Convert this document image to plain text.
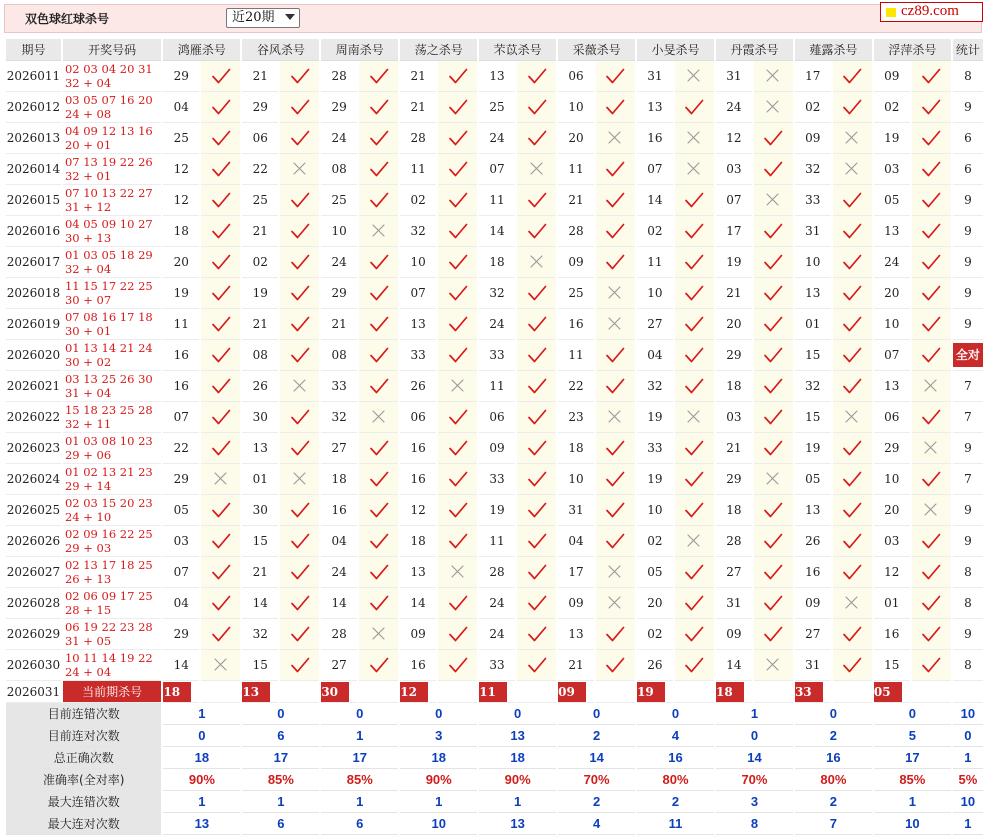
双色球红球杀号	近20期	cz89.com
期号	开奖号码	鸿雁杀号		谷风杀号		周南杀号		荡之杀号		芣苡杀号		采薇杀号		小旻杀号		丹霞杀号		薤露杀号		浮萍杀号		统计
2026011	02 03 04 20 31 32 + 04	29		21		28		21		13		06		31		31		17		09		8
2026012	03 05 07 16 20 24 + 08	04		29		29		21		25		10		13		24		02		02		9
2026013	04 09 12 13 16 20 + 01	25		06		24		28		24		20		16		12		09		19		6
2026014	07 13 19 22 26 32 + 01	12		22		08		11		07		11		07		03		32		03		6
2026015	07 10 13 22 27 31 + 12	12		25		25		02		11		21		14		07		33		05		9
2026016	04 05 09 10 27 30 + 13	18		21		10		32		14		28		02		17		31		13		9
2026017	01 03 05 18 29 32 + 04	20		02		24		10		18		09		11		19		10		24		9
2026018	11 15 17 22 25 30 + 07	19		19		29		07		32		25		10		21		13		20		9
2026019	07 08 16 17 18 30 + 01	11		21		21		13		24		16		27		20		01		10		9
2026020	01 13 14 21 24 30 + 02	16		08		08		33		33		11		04		29		15		07		全对
2026021	03 13 25 26 30 31 + 04	16		26		33		26		11		22		32		18		32		13		7
2026022	15 18 23 25 28 32 + 11	07		30		32		06		06		23		19		03		15		06		7
2026023	01 03 08 10 23 29 + 06	22		13		27		16		09		18		33		21		19		29		9
2026024	01 02 13 21 23 29 + 14	29		01		18		16		33		10		19		29		05		10		7
2026025	02 03 15 20 23 24 + 10	05		30		16		12		19		31		10		18		13		20		9
2026026	02 09 16 22 25 29 + 03	03		15		04		18		11		04		02		28		26		03		9
2026027	02 13 17 18 25 26 + 13	07		21		24		13		28		17		05		27		16		12		8
2026028	02 06 09 17 25 28 + 15	04		14		14		14		24		09		20		31		09		01		8
2026029	06 19 22 23 28 31 + 05	29		32		28		09		24		13		02		09		27		16		9
2026030	10 11 14 19 22 24 + 04	14		15		27		16		33		21		26		14		31		15		8
2026031	当前期杀号	18		13		30		12		11		09		19		18		33		05		
目前连错次数		1		0		0		0		0		0		0		1		0		0		10
目前连对次数		0		6		1		3		13		2		4		0		2		5		0
总正确次数		18		17		17		18		18		14		16		14		16		17		1
准确率(全对率)		90%		85%		85%		90%		90%		70%		80%		70%		80%		85%		5%
最大连错次数		1		1		1		1		1		2		2		3		2		1		10
最大连对次数		13		6		6		10		13		4		11		8		7		10		1
